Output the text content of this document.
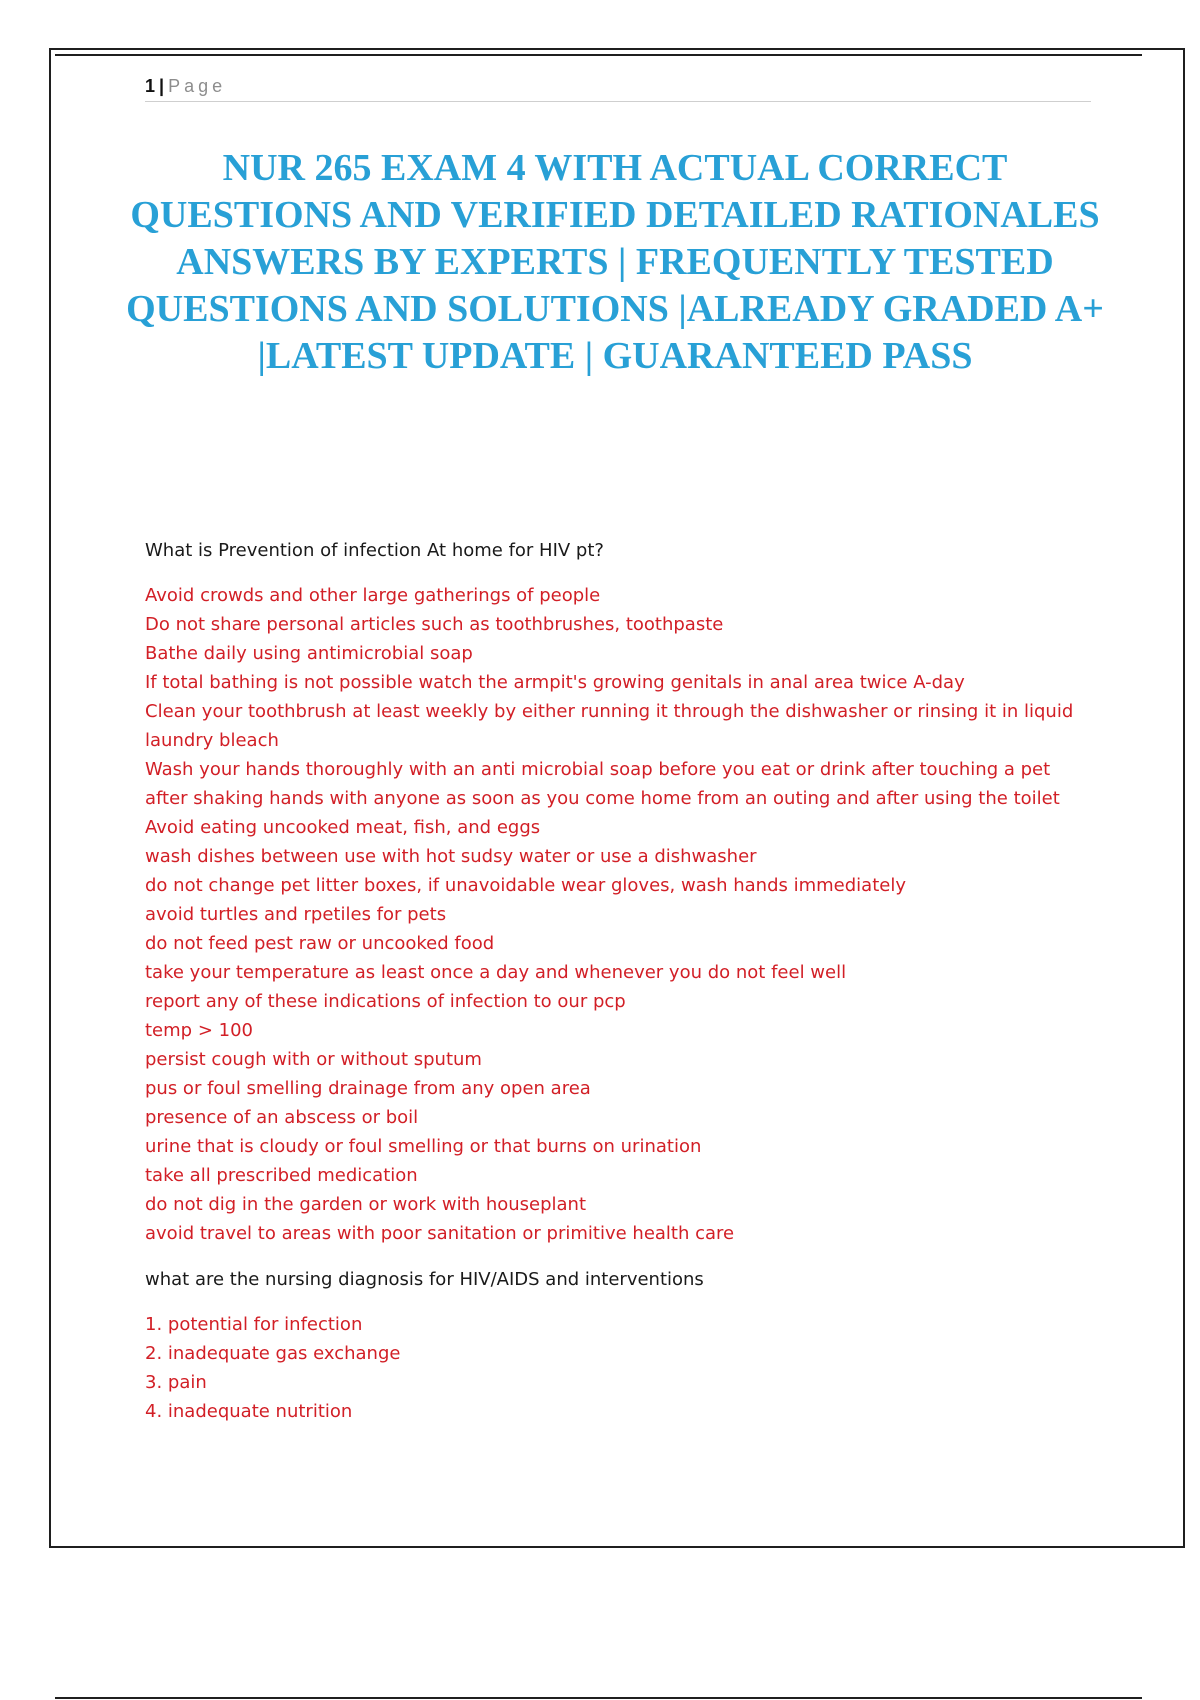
1 | Page
NUR 265 EXAM 4 WITH ACTUAL CORRECT QUESTIONS AND VERIFIED DETAILED RATIONALES ANSWERS BY EXPERTS | FREQUENTLY TESTED QUESTIONS AND SOLUTIONS |ALREADY GRADED A+ |LATEST UPDATE | GUARANTEED PASS

What is Prevention of infection At home for HIV pt?

Avoid crowds and other large gatherings of people
Do not share personal articles such as toothbrushes, toothpaste
Bathe daily using antimicrobial soap
If total bathing is not possible watch the armpit's growing genitals in anal area twice A-day
Clean your toothbrush at least weekly by either running it through the dishwasher or rinsing it in liquid
laundry bleach
Wash your hands thoroughly with an anti microbial soap before you eat or drink after touching a pet
after shaking hands with anyone as soon as you come home from an outing and after using the toilet
Avoid eating uncooked meat, fish, and eggs
wash dishes between use with hot sudsy water or use a dishwasher
do not change pet litter boxes, if unavoidable wear gloves, wash hands immediately
avoid turtles and rpetiles for pets
do not feed pest raw or uncooked food
take your temperature as least once a day and whenever you do not feel well
report any of these indications of infection to our pcp
temp > 100
persist cough with or without sputum
pus or foul smelling drainage from any open area
presence of an abscess or boil
urine that is cloudy or foul smelling or that burns on urination
take all prescribed medication
do not dig in the garden or work with houseplant
avoid travel to areas with poor sanitation or primitive health care

what are the nursing diagnosis for HIV/AIDS and interventions

1. potential for infection
2. inadequate gas exchange
3. pain
4. inadequate nutrition
